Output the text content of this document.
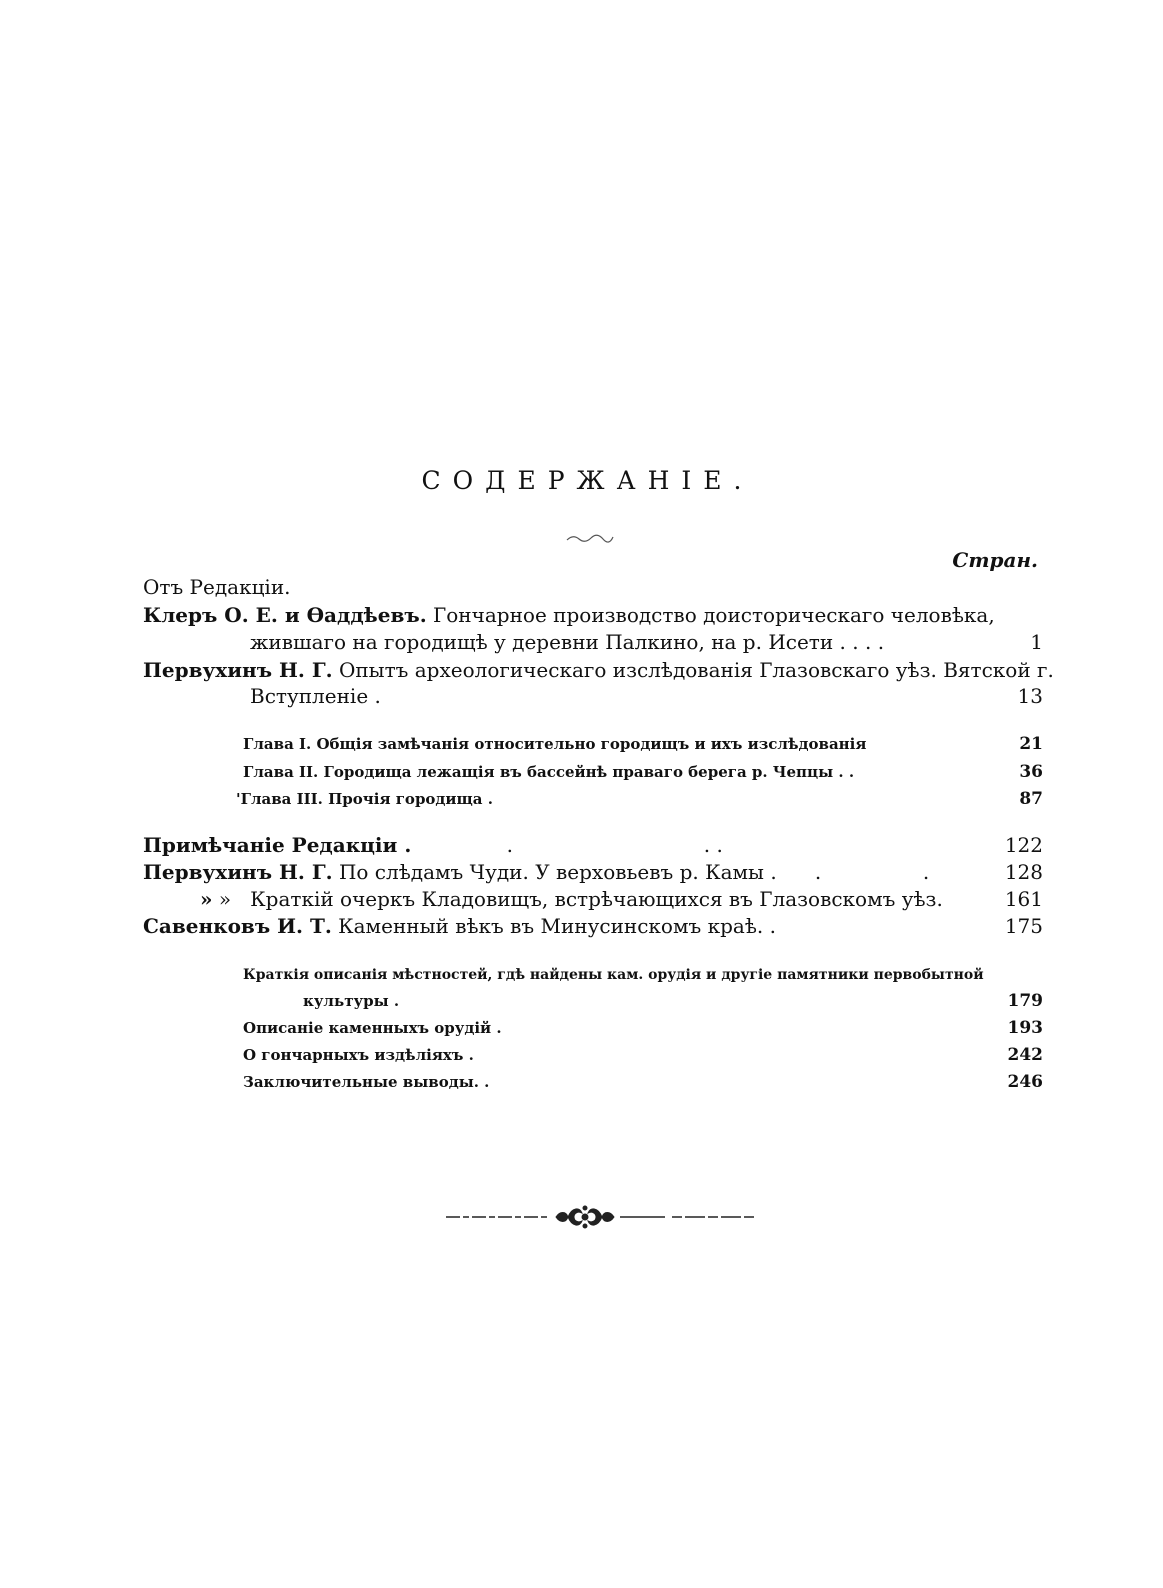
СОДЕРЖАНІЕ.
Стран.
Отъ Редакціи.
Клеръ О. Е. и Ѳаддѣевъ. Гончарное производство доисторическаго человѣка,
жившаго на городищѣ у деревни Палкино, на р. Исети . . . .	1
Первухинъ Н. Г. Опытъ археологическаго изслѣдованія Глазовскаго уѣз. Вятской г.
Вступленіе .	13
Глава I. Общія замѣчанія относительно городищъ и ихъ изслѣдованія	21
Глава II. Городища лежащія въ бассейнѣ праваго берега р. Чепцы . .	36
'Глава III. Прочія городища .	87
Примѣчаніе Редакціи .               .                              . .	122
Первухинъ Н. Г. По слѣдамъ Чуди. У верховьевъ р. Камы .      .                .	128
» »   Краткій очеркъ Кладовищъ, встрѣчающихся въ Глазовскомъ уѣз.	161
Савенковъ И. Т. Каменный вѣкъ въ Минусинскомъ краѣ. .	175
Краткія описанія мѣстностей, гдѣ найдены кам. орудія и другіе памятники первобытной
культуры .	179
Описаніе каменныхъ орудій .	193
О гончарныхъ издѣліяхъ .	242
Заключительные выводы. .	246
